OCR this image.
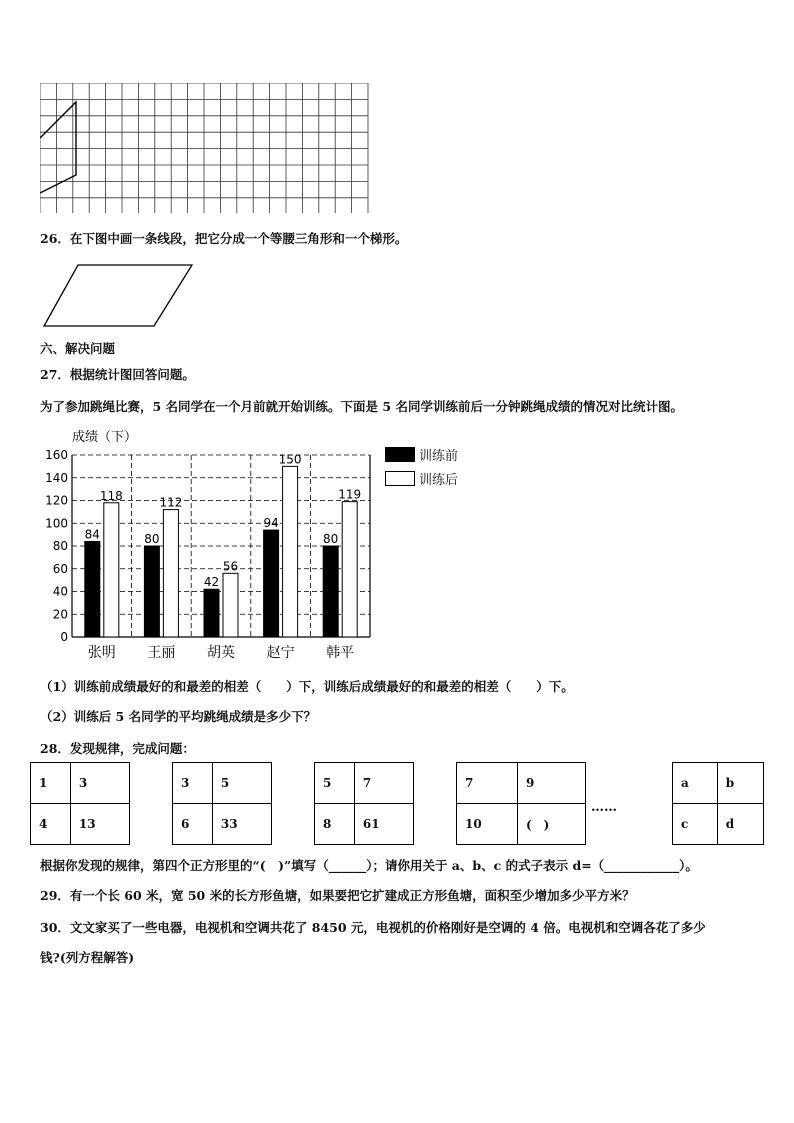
26．在下图中画一条线段，把它分成一个等腰三角形和一个梯形。
六、解决问题
27．根据统计图回答问题。
为了参加跳绳比赛，5 名同学在一个月前就开始训练。下面是 5 名同学训练前后一分钟跳绳成绩的情况对比统计图。
成绩（下）
0
20
40
60
80
100
120
140
160
84
118
张明
80
112
王丽
42
56
胡英
94
150
赵宁
80
119
韩平
训练前
训练后
（1）训练前成绩最好的和最差的相差（　　）下，训练后成绩最好的和最差的相差（　　）下。
（2）训练后 5 名同学的平均跳绳成绩是多少下？
28．发现规律，完成问题：
1	3
4	13
3	5
6	33
5	7
8	61
7	9
10	(　)
……
a	b
c	d
根据你发现的规律，第四个正方形里的“(　)”填写（______）；请你用关于 a、b、c 的式子表示 d=（____________）。
29．有一个长 60 米，宽 50 米的长方形鱼塘，如果要把它扩建成正方形鱼塘，面积至少增加多少平方米？
30．文文家买了一些电器，电视机和空调共花了 8450 元，电视机的价格刚好是空调的 4 倍。电视机和空调各花了多少
钱?(列方程解答)
